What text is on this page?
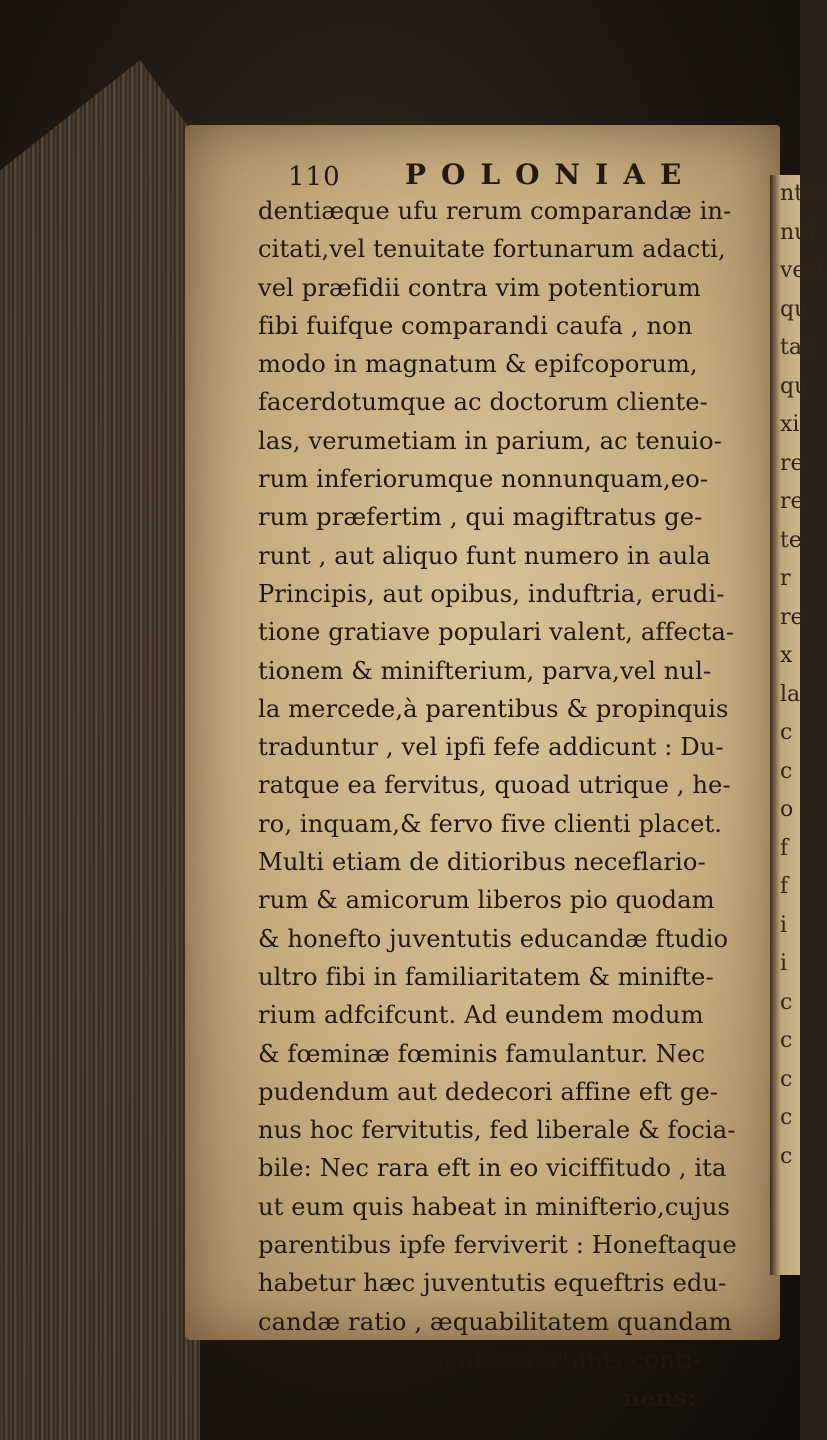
ntes
nui
vert
qu
tat
qu
xi
re
re
te
r
re
x
la
c
c
o
f
f
i
i
c
c
c
c
c
110 POLONIAE
dentiæque ufu rerum comparandæ in-
citati,vel tenuitate fortunarum adacti,
vel præfidii contra vim potentiorum
fibi fuifque comparandi caufa , non
modo in magnatum & epifcoporum,
facerdotumque ac doctorum cliente-
las, verumetiam in parium, ac tenuio-
rum inferiorumque nonnunquam,eo-
rum præfertim , qui magiftratus ge-
runt , aut aliquo funt numero in aula
Principis, aut opibus, induftria, erudi-
tione gratiave populari valent, affecta-
tionem & minifterium, parva,vel nul-
la mercede,à parentibus & propinquis
traduntur , vel ipfi fefe addicunt : Du-
ratque ea fervitus, quoad utrique , he-
ro, inquam,& fervo five clienti placet.
Multi etiam de ditioribus neceflario-
rum & amicorum liberos pio quodam
& honefto juventutis educandæ ftudio
ultro fibi in familiaritatem & minifte-
rium adfcifcunt. Ad eundem modum
& fœminæ fœminis famulantur. Nec
pudendum aut dedecori affine eft ge-
nus hoc fervitutis, fed liberale & focia-
bile: Nec rara eft in eo viciffitudo , ita
ut eum quis habeat in minifterio,cujus
parentibus ipfe ferviverit : Honeftaque
habetur hæc juventutis equeftris edu-
candæ ratio , æquabilitatem quandam
etiam in inæqualibus fortunis conti-
nens:
